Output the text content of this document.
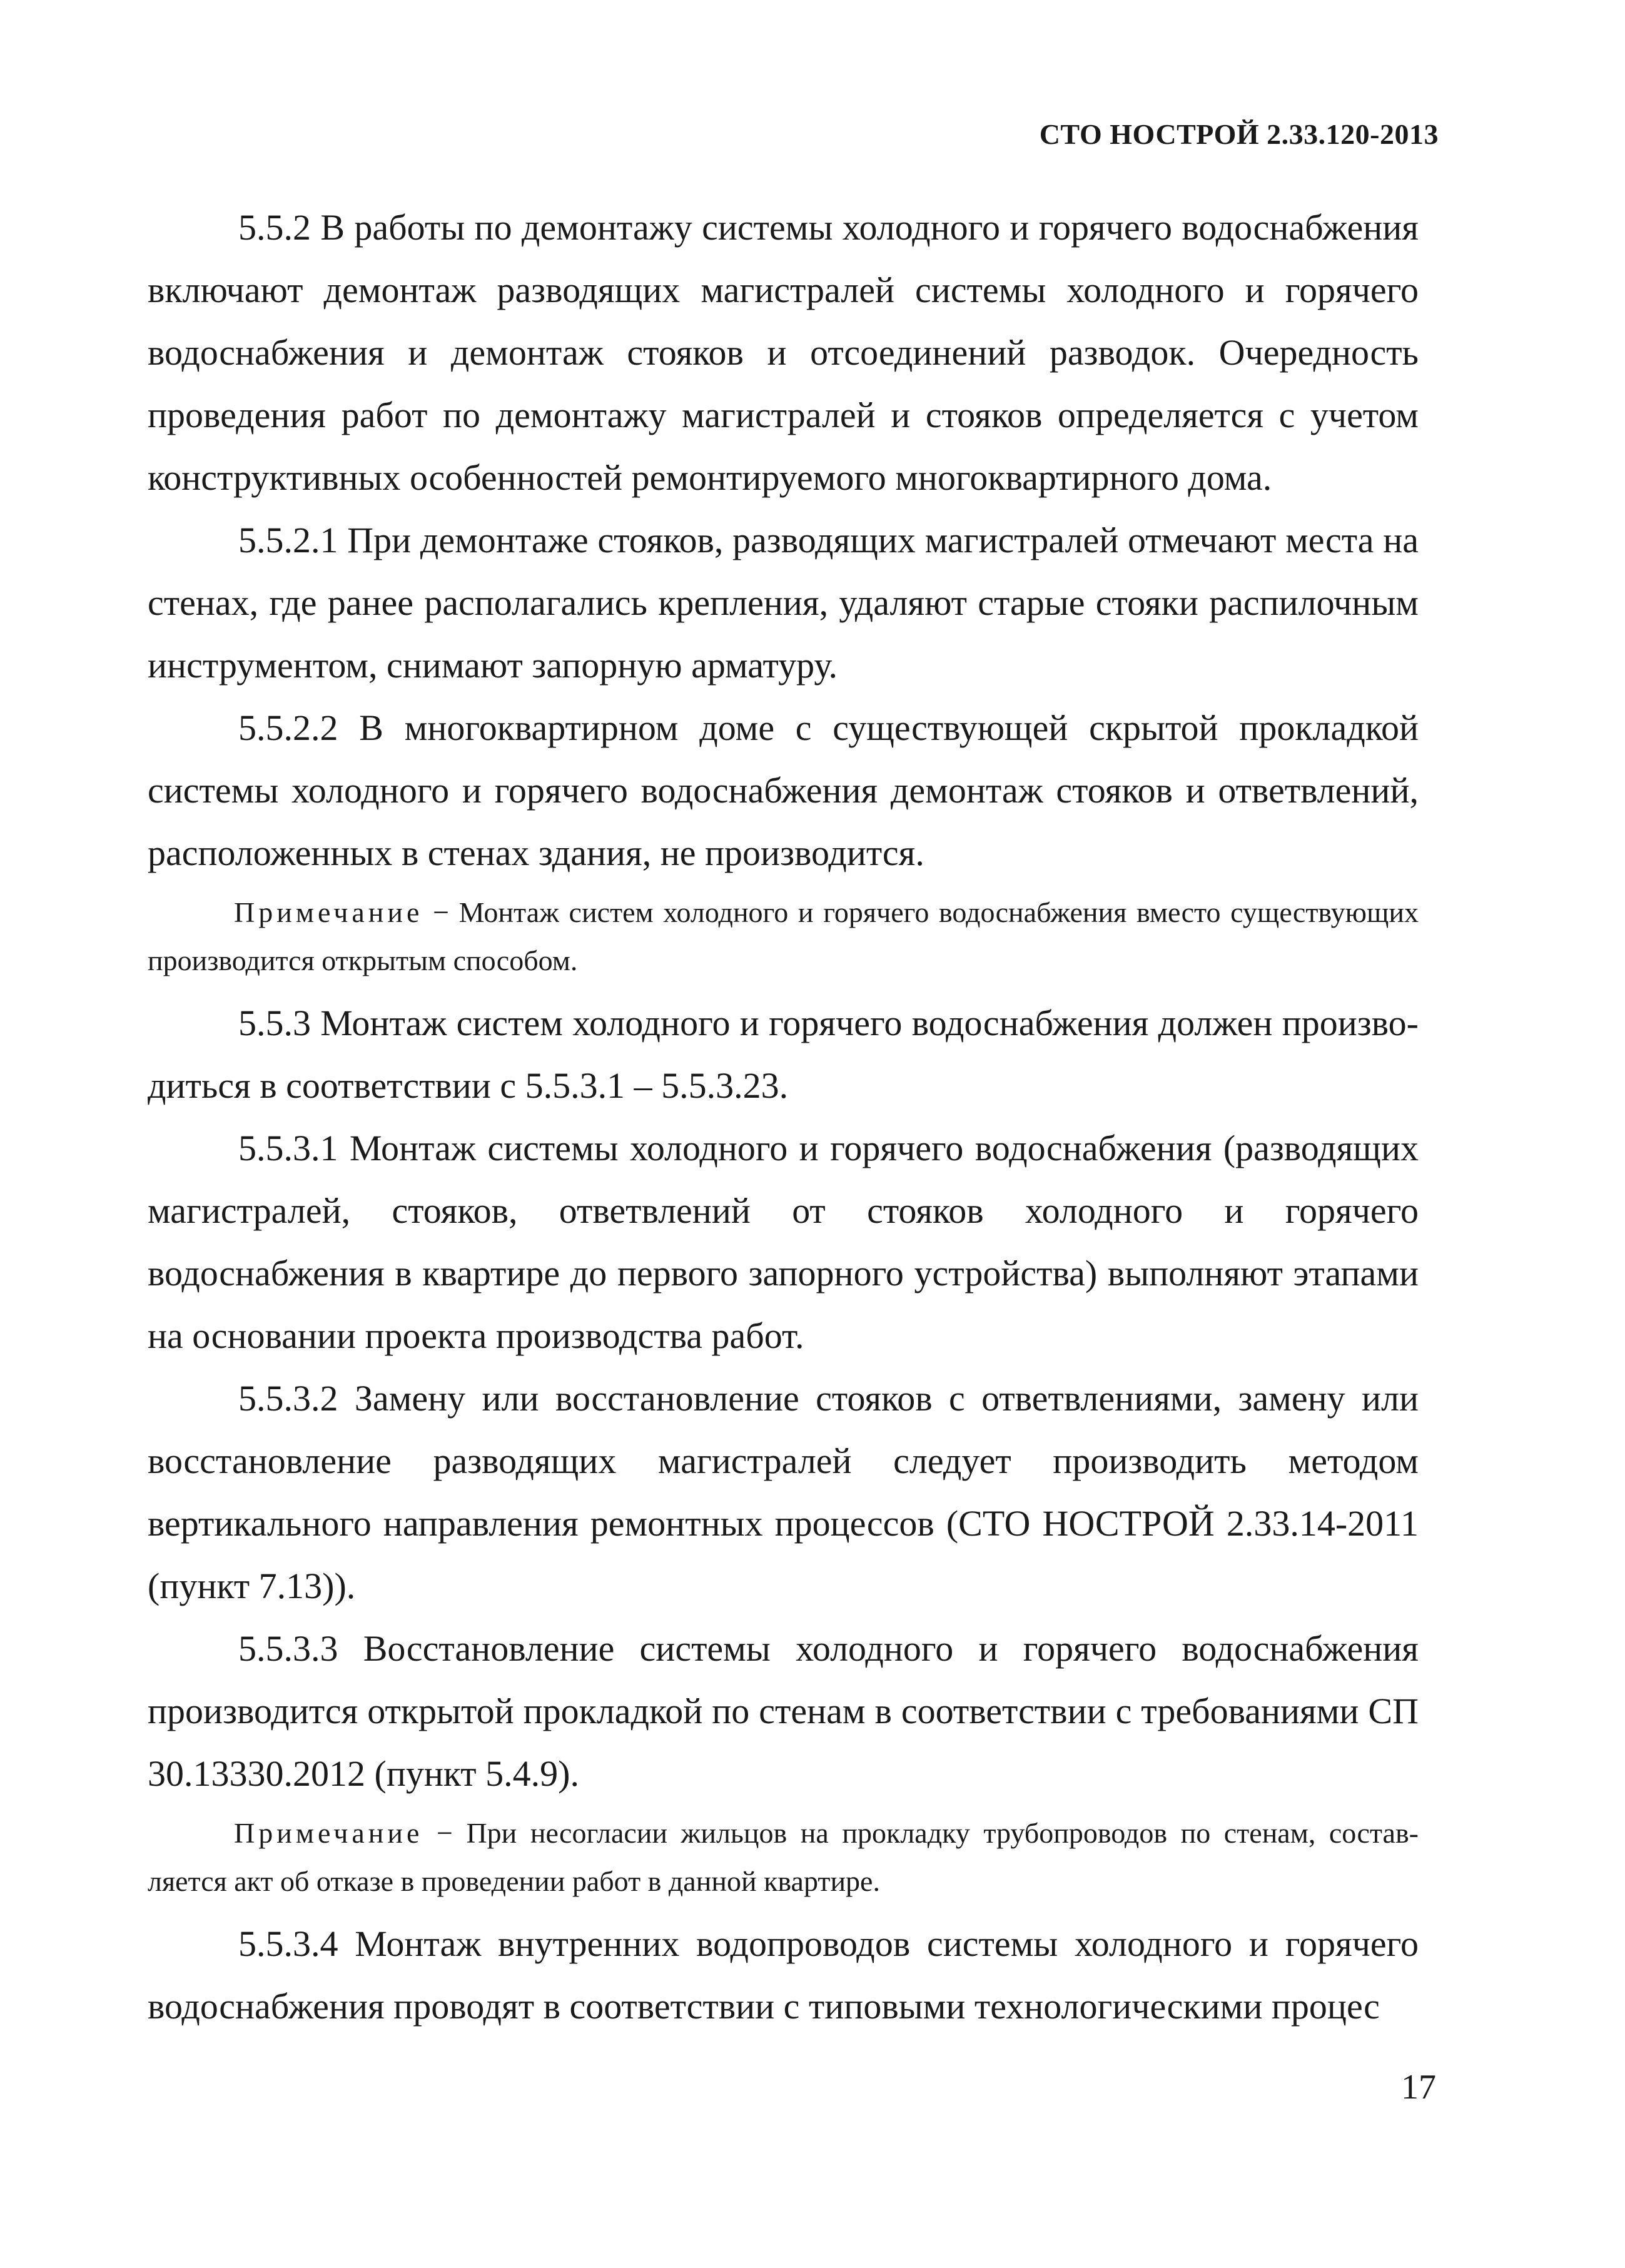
СТО НОСТРОЙ 2.33.120-2013

5.5.2 В работы по демонтажу системы холодного и горячего водоснабжения включают демонтаж разводящих магистралей системы холодного и горячего водоснабжения и демонтаж стояков и отсоединений разводок. Очередность проведения работ по демонтажу магистралей и стояков определяется с учетом конструктивных особенностей ремонтируемого многоквартирного дома.

5.5.2.1 При демонтаже стояков, разводящих магистралей отмечают места на стенах, где ранее располагались крепления, удаляют старые стояки распилочным инструментом, снимают запорную арматуру.

5.5.2.2 В многоквартирном доме с существующей скрытой прокладкой системы холодного и горячего водоснабжения демонтаж стояков и ответвлений, расположенных в стенах здания, не производится.

Примечание − Монтаж систем холодного и горячего водоснабжения вместо существующих производится открытым способом.

5.5.3 Монтаж систем холодного и горячего водоснабжения должен производиться в соответствии с 5.5.3.1 – 5.5.3.23.

5.5.3.1 Монтаж системы холодного и горячего водоснабжения (разводящих магистралей, стояков, ответвлений от стояков холодного и горячего водоснабжения в квартире до первого запорного устройства) выполняют этапами на основании проекта производства работ.

5.5.3.2 Замену или восстановление стояков с ответвлениями, замену или восстановление разводящих магистралей следует производить методом вертикального направления ремонтных процессов (СТО НОСТРОЙ 2.33.14-2011 (пункт 7.13)).

5.5.3.3 Восстановление системы холодного и горячего водоснабжения производится открытой прокладкой по стенам в соответствии с требованиями СП 30.13330.2012 (пункт 5.4.9).

Примечание − При несогласии жильцов на прокладку трубопроводов по стенам, составляется акт об отказе в проведении работ в данной квартире.

5.5.3.4 Монтаж внутренних водопроводов системы холодного и горячего водоснабжения проводят в соответствии с типовыми технологическими процес

17
